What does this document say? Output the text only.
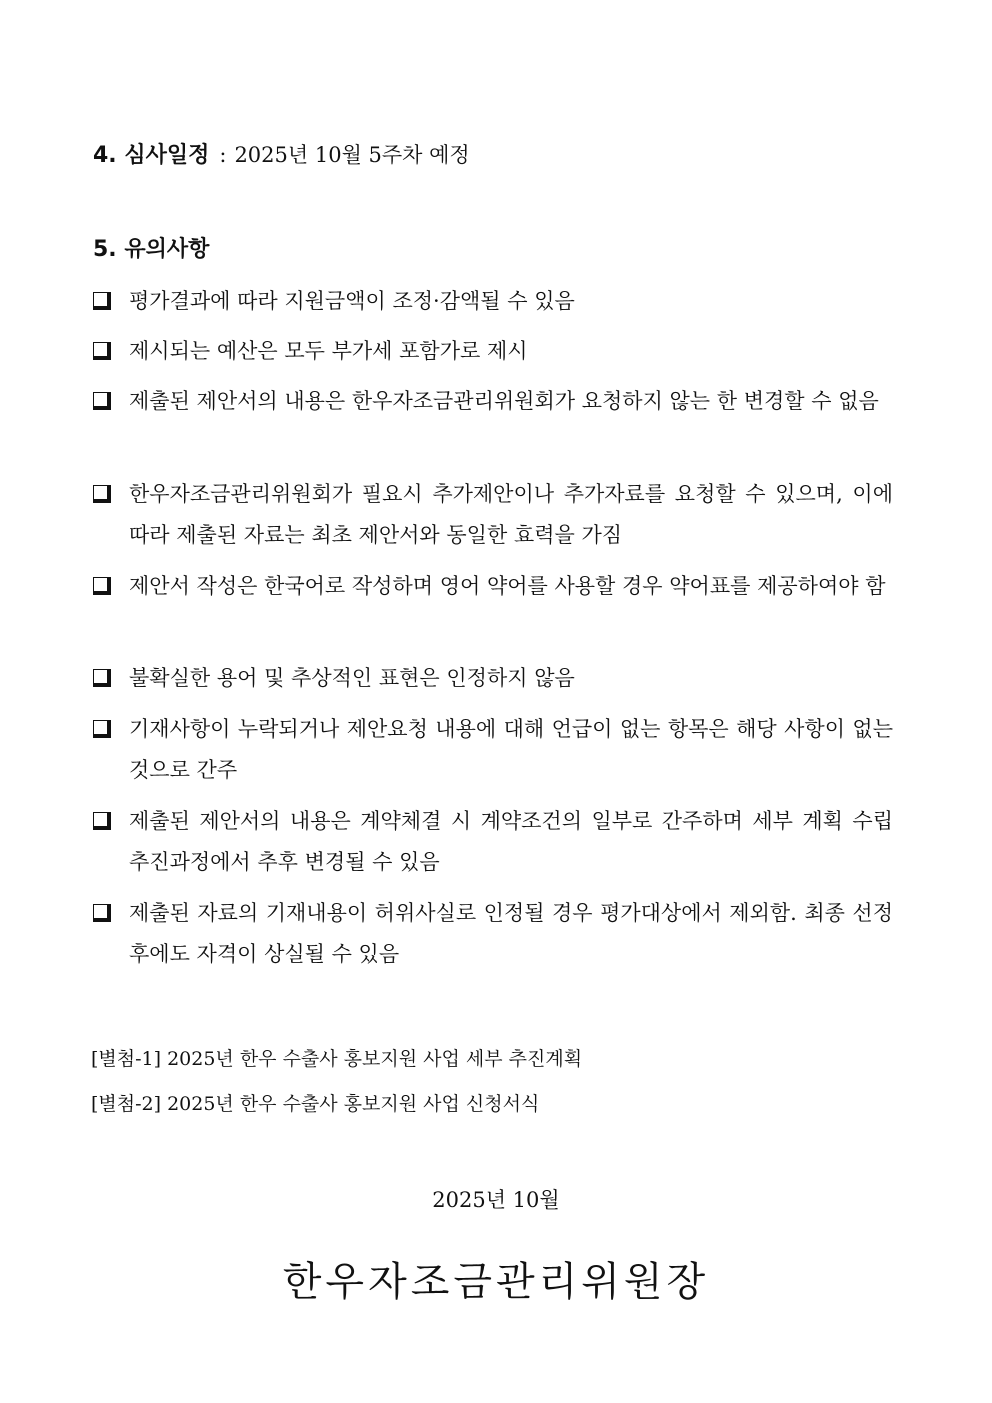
4. 심사일정 : 2025년 10월 5주차 예정
5. 유의사항
평가결과에 따라 지원금액이 조정·감액될 수 있음
제시되는 예산은 모두 부가세 포함가로 제시
제출된 제안서의 내용은 한우자조금관리위원회가 요청하지 않는 한 변경할 수 없음
한우자조금관리위원회가 필요시 추가제안이나 추가자료를 요청할 수 있으며, 이에 따라 제출된 자료는 최초 제안서와 동일한 효력을 가짐
제안서 작성은 한국어로 작성하며 영어 약어를 사용할 경우 약어표를 제공하여야 함
불확실한 용어 및 추상적인 표현은 인정하지 않음
기재사항이 누락되거나 제안요청 내용에 대해 언급이 없는 항목은 해당 사항이 없는 것으로 간주
제출된 제안서의 내용은 계약체결 시 계약조건의 일부로 간주하며 세부 계획 수립 추진과정에서 추후 변경될 수 있음
제출된 자료의 기재내용이 허위사실로 인정될 경우 평가대상에서 제외함. 최종 선정 후에도 자격이 상실될 수 있음
[별첨-1] 2025년 한우 수출사 홍보지원 사업 세부 추진계획
[별첨-2] 2025년 한우 수출사 홍보지원 사업 신청서식
2025년 10월
한우자조금관리위원장
